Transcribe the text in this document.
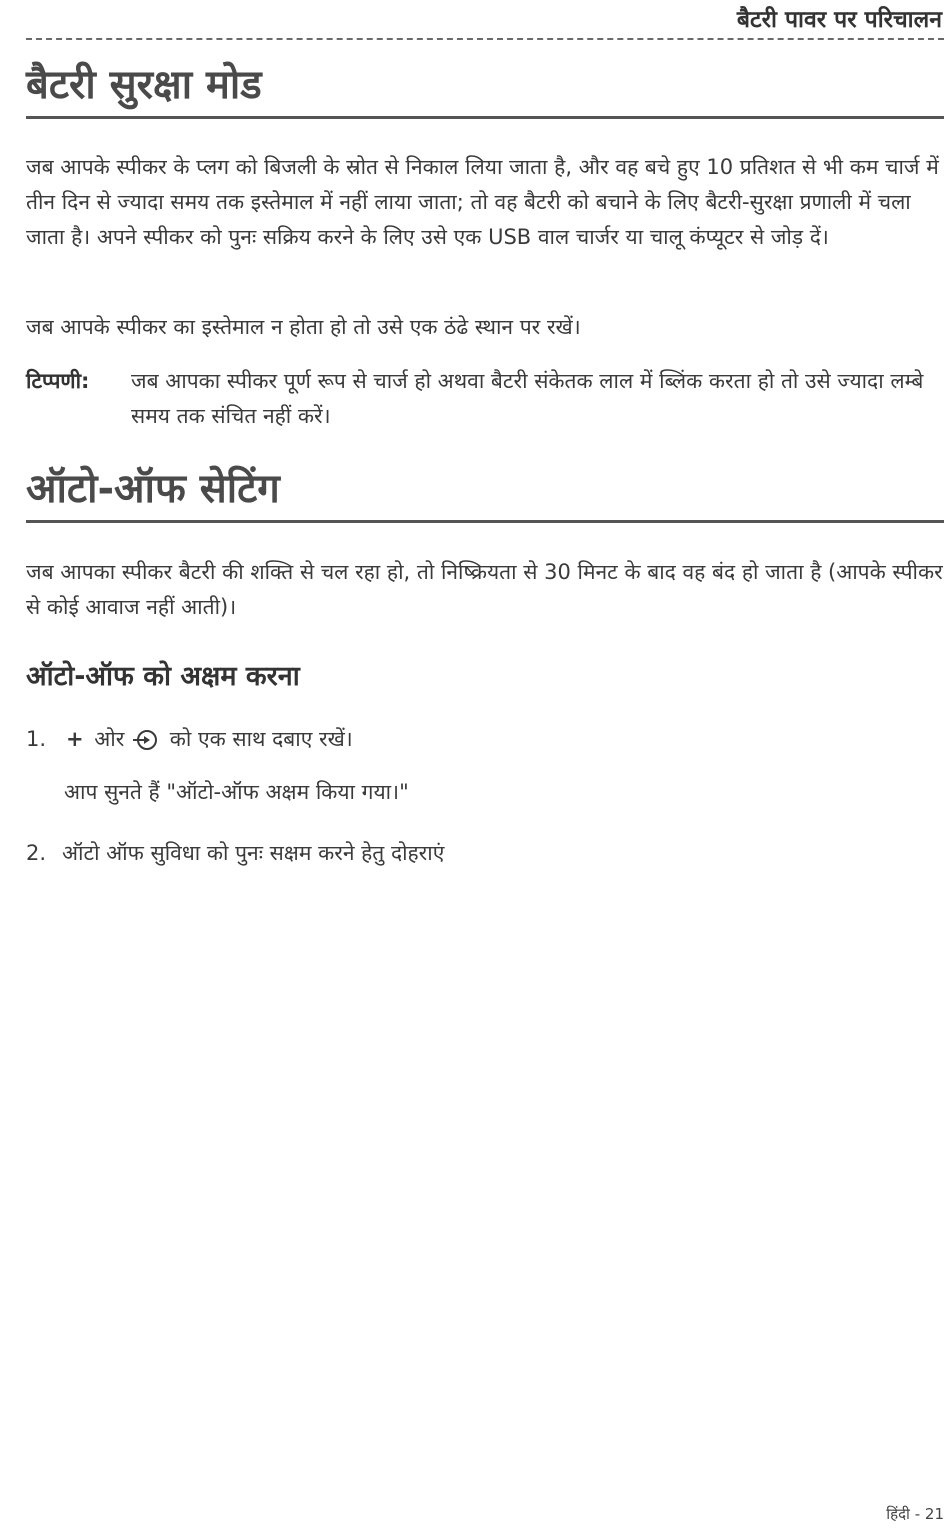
बैटरी पावर पर परिचालन
बैटरी सुरक्षा मोड

जब आपके स्पीकर के प्लग को बिजली के स्रोत से निकाल लिया जाता है, और वह बचे हुए 10 प्रतिशत से भी कम चार्ज में तीन दिन से ज्यादा समय तक इस्तेमाल में नहीं लाया जाता; तो वह बैटरी को बचाने के लिए बैटरी-सुरक्षा प्रणाली में चला जाता है। अपने स्पीकर को पुनः सक्रिय करने के लिए उसे एक USB वाल चार्जर या चालू कंप्यूटर से जोड़ दें।

जब आपके स्पीकर का इस्तेमाल न होता हो तो उसे एक ठंढे स्थान पर रखें।

टिप्पणी:	जब आपका स्पीकर पूर्ण रूप से चार्ज हो अथवा बैटरी संकेतक लाल में ब्लिंक करता हो तो उसे ज्यादा लम्बे समय तक संचित नहीं करें।
ऑटो-ऑफ सेटिंग

जब आपका स्पीकर बैटरी की शक्ति से चल रहा हो, तो निष्क्रियता से 30 मिनट के बाद वह बंद हो जाता है (आपके स्पीकर से कोई आवाज नहीं आती)।

ऑटो-ऑफ को अक्षम करना
1. + ओर को एक साथ दबाए रखें।
आप सुनते हैं "ऑटो-ऑफ अक्षम किया गया।"
2. ऑटो ऑफ सुविधा को पुनः सक्षम करने हेतु दोहराएं
हिंदी - 21
